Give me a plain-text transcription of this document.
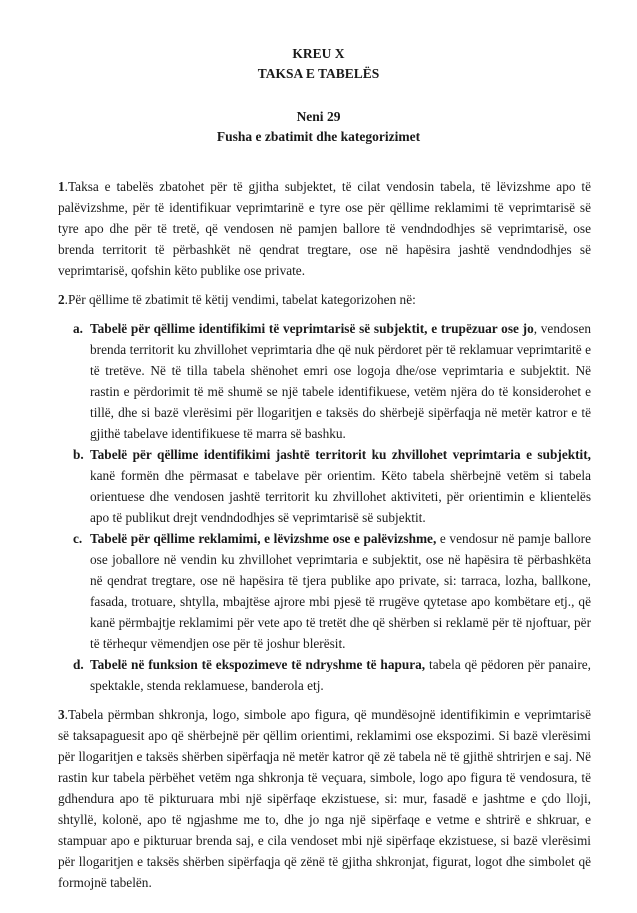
KREU X
TAKSA E TABELËS
Neni 29
Fusha e zbatimit dhe kategorizimet
1.Taksa e tabelës zbatohet për të gjitha subjektet, të cilat vendosin tabela, të lëvizshme apo të palëvizshme, për të identifikuar veprimtarinë e tyre ose për qëllime reklamimi të veprimtarisë së tyre apo dhe për të tretë, që vendosen në pamjen ballore të vendndodhjes së veprimtarisë, ose brenda territorit të përbashkët në qendrat tregtare, ose në hapësira jashtë vendndodhjes së veprimtarisë, qofshin këto publike ose private.
2.Për qëllime të zbatimit të këtij vendimi, tabelat kategorizohen në:
a. Tabelë për qëllime identifikimi të veprimtarisë së subjektit, e trupëzuar ose jo, vendosen brenda territorit ku zhvillohet veprimtaria dhe që nuk përdoret për të reklamuar veprimtaritë e të tretëve. Në të tilla tabela shënohet emri ose logoja dhe/ose veprimtaria e subjektit. Në rastin e përdorimit të më shumë se një tabele identifikuese, vetëm njëra do të konsiderohet e tillë, dhe si bazë vlerësimi për llogaritjen e taksës do shërbejë sipërfaqja në metër katror e të gjithë tabelave identifikuese të marra së bashku.
b. Tabelë për qëllime identifikimi jashtë territorit ku zhvillohet veprimtaria e subjektit, kanë formën dhe përmasat e tabelave për orientim. Këto tabela shërbejnë vetëm si tabela orientuese dhe vendosen jashtë territorit ku zhvillohet aktiviteti, për orientimin e klientelës apo të publikut drejt vendndodhjes së veprimtarisë së subjektit.
c. Tabelë për qëllime reklamimi, e lëvizshme ose e palëvizshme, e vendosur në pamje ballore ose joballore në vendin ku zhvillohet veprimtaria e subjektit, ose në hapësira të përbashkëta në qendrat tregtare, ose në hapësira të tjera publike apo private, si: tarraca, lozha, ballkone, fasada, trotuare, shtylla, mbajtëse ajrore mbi pjesë të rrugëve qytetase apo kombëtare etj., që kanë përmbajtje reklamimi për vete apo të tretët dhe që shërben si reklamë për të njoftuar, për të tërhequr vëmendjen ose për të joshur blerësit.
d. Tabelë në funksion të ekspozimeve të ndryshme të hapura, tabela që pëdoren për panaire, spektakle, stenda reklamuese, banderola etj.
3.Tabela përmban shkronja, logo, simbole apo figura, që mundësojnë identifikimin e veprimtarisë së taksapaguesit apo që shërbejnë për qëllim orientimi, reklamimi ose ekspozimi. Si bazë vlerësimi për llogaritjen e taksës shërben sipërfaqja në metër katror që zë tabela në të gjithë shtrirjen e saj. Në rastin kur tabela përbëhet vetëm nga shkronja të veçuara, simbole, logo apo figura të vendosura, të gdhendura apo të pikturuara mbi një sipërfaqe ekzistuese, si: mur, fasadë e jashtme e çdo lloji, shtyllë, kolonë, apo të ngjashme me to, dhe jo nga një sipërfaqe e vetme e shtrirë e shkruar, e stampuar apo e pikturuar brenda saj, e cila vendoset mbi një sipërfaqe ekzistuese, si bazë vlerësimi për llogaritjen e taksës shërben sipërfaqja që zënë të gjitha shkronjat, figurat, logot dhe simbolet që formojnë tabelën.
